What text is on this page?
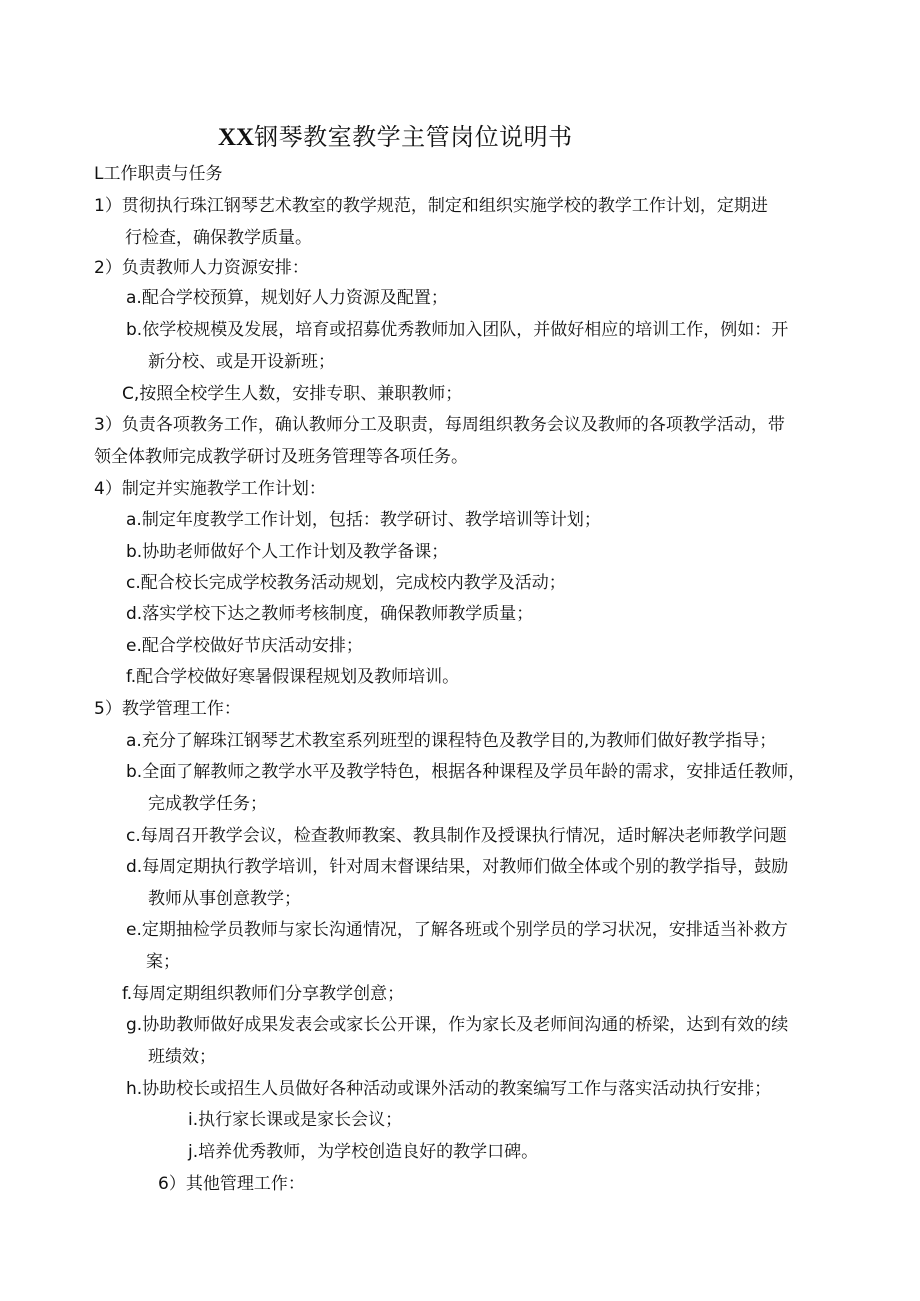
XX钢琴教室教学主管岗位说明书
L工作职责与任务
1）贯彻执行珠江钢琴艺术教室的教学规范，制定和组织实施学校的教学工作计划，定期进
行检查，确保教学质量。
2）负责教师人力资源安排：
a.配合学校预算，规划好人力资源及配置；
b.依学校规模及发展，培育或招募优秀教师加入团队，并做好相应的培训工作，例如：开
新分校、或是开设新班；
C,按照全校学生人数，安排专职、兼职教师；
3）负责各项教务工作，确认教师分工及职责，每周组织教务会议及教师的各项教学活动，带
领全体教师完成教学研讨及班务管理等各项任务。
4）制定并实施教学工作计划：
a.制定年度教学工作计划，包括：教学研讨、教学培训等计划；
b.协助老师做好个人工作计划及教学备课；
c.配合校长完成学校教务活动规划，完成校内教学及活动；
d.落实学校下达之教师考核制度，确保教师教学质量；
e.配合学校做好节庆活动安排；
f.配合学校做好寒暑假课程规划及教师培训。
5）教学管理工作：
a.充分了解珠江钢琴艺术教室系列班型的课程特色及教学目的,为教师们做好教学指导；
b.全面了解教师之教学水平及教学特色，根据各种课程及学员年龄的需求，安排适任教师，
完成教学任务；
c.每周召开教学会议，检查教师教案、教具制作及授课执行情况，适时解决老师教学问题
d.每周定期执行教学培训，针对周末督课结果，对教师们做全体或个别的教学指导，鼓励
教师从事创意教学；
e.定期抽检学员教师与家长沟通情况，了解各班或个别学员的学习状况，安排适当补救方
案；
f.每周定期组织教师们分享教学创意；
g.协助教师做好成果发表会或家长公开课，作为家长及老师间沟通的桥梁，达到有效的续
班绩效；
h.协助校长或招生人员做好各种活动或课外活动的教案编写工作与落实活动执行安排；
i.执行家长课或是家长会议；
j.培养优秀教师，为学校创造良好的教学口碑。
6）其他管理工作：
